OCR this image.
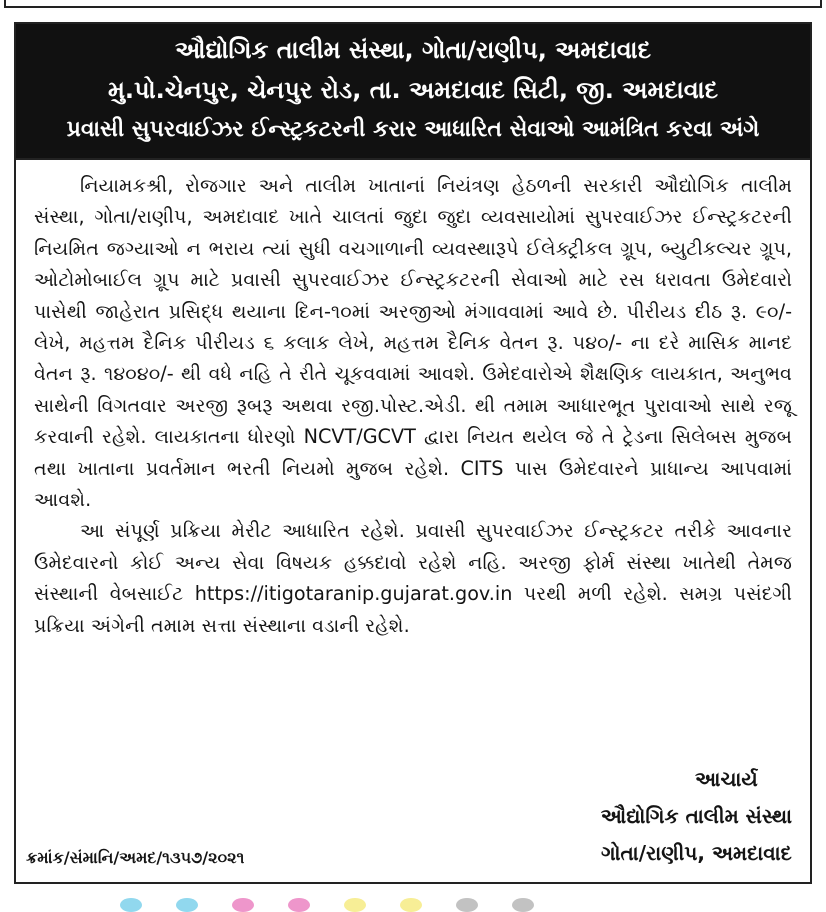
ઔદ્યોગિક તાલીમ સંસ્થા, ગોતા/રાણીપ, અમદાવાદ
મુ.પો.ચેનપુર, ચેનપુર રોડ, તા. અમદાવાદ સિટી, જી. અમદાવાદ
પ્રવાસી સુપરવાઈઝર ઈન્સ્ટ્રકટરની કરાર આધારિત સેવાઓ આમંત્રિત કરવા અંગે

નિયામકશ્રી, રોજગાર અને તાલીમ ખાતાનાં નિયંત્રણ હેઠળની સરકારી ઔદ્યોગિક તાલીમ સંસ્થા, ગોતા/રાણીપ, અમદાવાદ ખાતે ચાલતાં જુદા જુદા વ્યવસાયોમાં સુપરવાઈઝર ઈન્સ્ટ્રકટરની નિયમિત જગ્યાઓ ન ભરાય ત્યાં સુધી વચગાળાની વ્યવસ્થારૂપે ઈલેક્ટ્રીકલ ગ્રૂપ, બ્યુટીકલ્ચર ગ્રૂપ, ઓટોમોબાઈલ ગ્રૂપ માટે પ્રવાસી સુપરવાઈઝર ઈન્સ્ટ્રકટરની સેવાઓ માટે રસ ધરાવતા ઉમેદવારો પાસેથી જાહેરાત પ્રસિદ્ધ થયાના દિન-૧૦માં અરજીઓ મંગાવવામાં આવે છે. પીરીયડ દીઠ રૂ. ૯૦/- લેખે, મહત્તમ દૈનિક પીરીયડ ૬ કલાક લેખે, મહત્તમ દૈનિક વેતન રૂ. ૫૪૦/- ના દરે માસિક માનદ વેતન રૂ. ૧૪૦૪૦/- થી વધે નહિ તે રીતે ચૂકવવામાં આવશે. ઉમેદવારોએ શૈક્ષણિક લાયકાત, અનુભવ સાથેની વિગતવાર અરજી રૂબરૂ અથવા રજી.પોસ્ટ.એડી. થી તમામ આધારભૂત પુરાવાઓ સાથે રજૂ કરવાની રહેશે. લાયકાતના ધોરણો NCVT/GCVT દ્વારા નિયત થયેલ જે તે ટ્રેડના સિલેબસ મુજબ તથા ખાતાના પ્રવર્તમાન ભરતી નિયમો મુજબ રહેશે. CITS પાસ ઉમેદવારને પ્રાધાન્ય આપવામાં આવશે.

આ સંપૂર્ણ પ્રક્રિયા મેરીટ આધારિત રહેશે. પ્રવાસી સુપરવાઈઝર ઈન્સ્ટ્રકટર તરીકે આવનાર ઉમેદવારનો કોઈ અન્ય સેવા વિષયક હક્કદાવો રહેશે નહિ. અરજી ફોર્મ સંસ્થા ખાતેથી તેમજ સંસ્થાની વેબસાઈટ https://itigotaranip.gujarat.gov.in પરથી મળી રહેશે. સમગ્ર પસંદગી પ્રક્રિયા અંગેની તમામ સત્તા સંસ્થાના વડાની રહેશે.

આચાર્ય
ઔદ્યોગિક તાલીમ સંસ્થા
ગોતા/રાણીપ, અમદાવાદ
ક્રમાંક/સંમાનિ/અમદ/૧૩૫૭/૨૦૨૧
